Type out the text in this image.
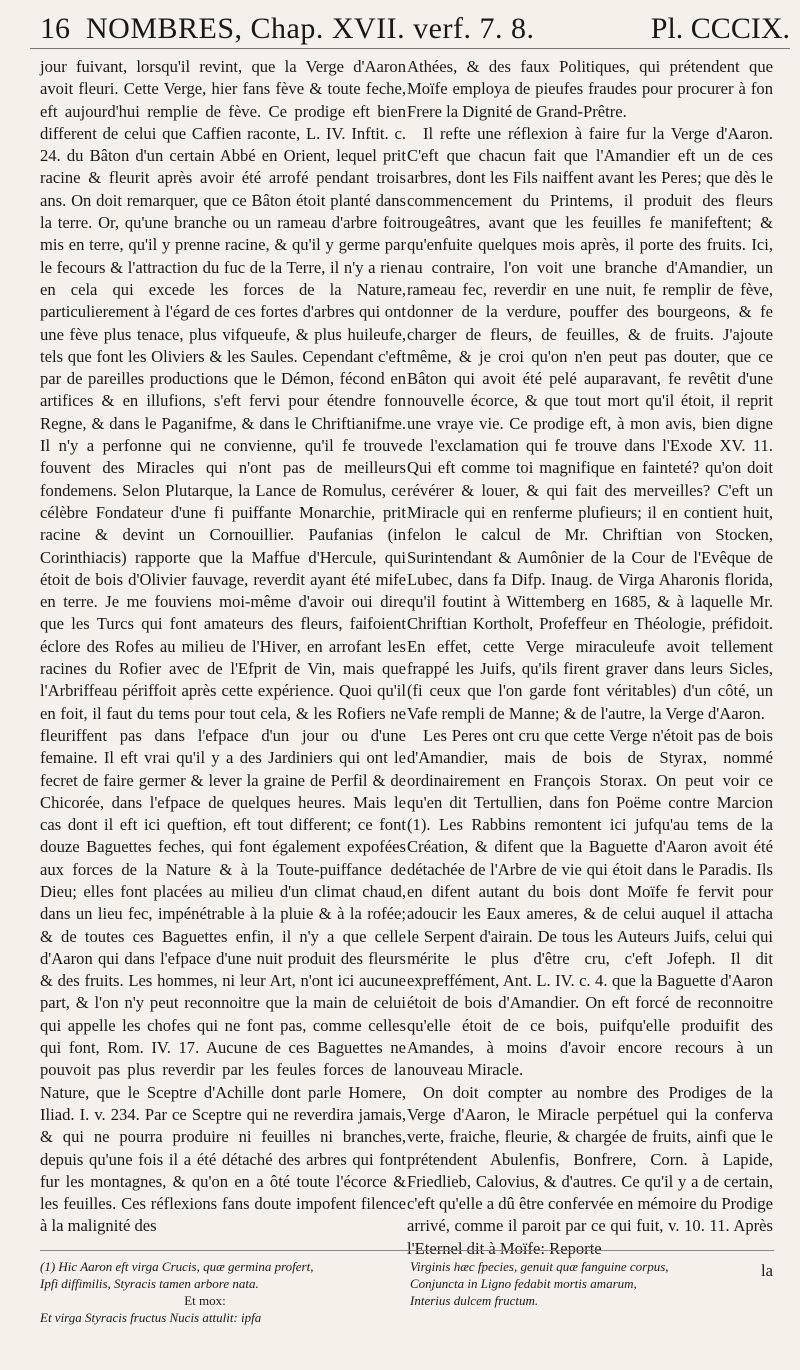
16 NOMBRES, Chap. XVII. verf. 7. 8.	Pl. CCCIX.

jour fuivant, lorsqu'il revint, que la Verge d'Aaron avoit fleuri. Cette Verge, hier fans fève & toute feche, eft aujourd'hui remplie de fève. Ce prodige eft bien different de celui que Caffien raconte, L. IV. Inftit. c. 24. du Bâton d'un certain Abbé en Orient, lequel prit racine & fleurit après avoir été arrofé pendant trois ans. On doit remarquer, que ce Bâton étoit planté dans la terre. Or, qu'une branche ou un rameau d'arbre foit mis en terre, qu'il y prenne racine, & qu'il y germe par le fecours & l'attraction du fuc de la Terre, il n'y a rien en cela qui excede les forces de la Nature, particulierement à l'égard de ces fortes d'arbres qui ont une fève plus tenace, plus vifqueufe, & plus huileufe, tels que font les Oliviers & les Saules. Cependant c'eft par de pareilles productions que le Démon, fécond en artifices & en illufions, s'eft fervi pour étendre fon Regne, & dans le Paganifme, & dans le Chriftianifme. Il n'y a perfonne qui ne convienne, qu'il fe trouve fouvent des Miracles qui n'ont pas de meilleurs fondemens. Selon Plutarque, la Lance de Romulus, ce célèbre Fondateur d'une fi puiffante Monarchie, prit racine & devint un Cornouillier. Paufanias (in Corinthiacis) rapporte que la Maffue d'Hercule, qui étoit de bois d'Olivier fauvage, reverdit ayant été mife en terre. Je me fouviens moi-même d'avoir oui dire que les Turcs qui font amateurs des fleurs, faifoient éclore des Rofes au milieu de l'Hiver, en arrofant les racines du Rofier avec de l'Efprit de Vin, mais que l'Arbriffeau périffoit après cette expérience. Quoi qu'il en foit, il faut du tems pour tout cela, & les Rofiers ne fleuriffent pas dans l'efpace d'un jour ou d'une femaine. Il eft vrai qu'il y a des Jardiniers qui ont le fecret de faire germer & lever la graine de Perfil & de Chicorée, dans l'efpace de quelques heures. Mais le cas dont il eft ici queftion, eft tout different; ce font douze Baguettes feches, qui font également expofées aux forces de la Nature & à la Toute-puiffance de Dieu; elles font placées au milieu d'un climat chaud, dans un lieu fec, impénétrable à la pluie & à la rofée; & de toutes ces Baguettes enfin, il n'y a que celle d'Aaron qui dans l'efpace d'une nuit produit des fleurs & des fruits. Les hommes, ni leur Art, n'ont ici aucune part, & l'on n'y peut reconnoitre que la main de celui qui appelle les chofes qui ne font pas, comme celles qui font, Rom. IV. 17. Aucune de ces Baguettes ne pouvoit pas plus reverdir par les feules forces de la Nature, que le Sceptre d'Achille dont parle Homere, Iliad. I. v. 234. Par ce Sceptre qui ne reverdira jamais, & qui ne pourra produire ni feuilles ni branches, depuis qu'une fois il a été détaché des arbres qui font fur les montagnes, & qu'on en a ôté toute l'écorce & les feuilles. Ces réflexions fans doute impofent filence à la malignité des

Athées, & des faux Politiques, qui prétendent que Moïfe employa de pieufes fraudes pour procurer à fon Frere la Dignité de Grand-Prêtre.

Il refte une réflexion à faire fur la Verge d'Aaron. C'eft que chacun fait que l'Amandier eft un de ces arbres, dont les Fils naiffent avant les Peres; que dès le commencement du Printems, il produit des fleurs rougeâtres, avant que les feuilles fe manifeftent; & qu'enfuite quelques mois après, il porte des fruits. Ici, au contraire, l'on voit une branche d'Amandier, un rameau fec, reverdir en une nuit, fe remplir de fève, donner de la verdure, pouffer des bourgeons, & fe charger de fleurs, de feuilles, & de fruits. J'ajoute même, & je croi qu'on n'en peut pas douter, que ce Bâton qui avoit été pelé auparavant, fe revêtit d'une nouvelle écorce, & que tout mort qu'il étoit, il reprit une vraye vie. Ce prodige eft, à mon avis, bien digne de l'exclamation qui fe trouve dans l'Exode XV. 11. Qui eft comme toi magnifique en fainteté? qu'on doit révérer & louer, & qui fait des merveilles? C'eft un Miracle qui en renferme plufieurs; il en contient huit, felon le calcul de Mr. Chriftian von Stocken, Surintendant & Aumônier de la Cour de l'Evêque de Lubec, dans fa Difp. Inaug. de Virga Aharonis florida, qu'il foutint à Wittemberg en 1685, & à laquelle Mr. Chriftian Kortholt, Profeffeur en Théologie, préfidoit. En effet, cette Verge miraculeufe avoit tellement frappé les Juifs, qu'ils firent graver dans leurs Sicles, (fi ceux que l'on garde font véritables) d'un côté, un Vafe rempli de Manne; & de l'autre, la Verge d'Aaron.

Les Peres ont cru que cette Verge n'étoit pas de bois d'Amandier, mais de bois de Styrax, nommé ordinairement en François Storax. On peut voir ce qu'en dit Tertullien, dans fon Poëme contre Marcion (1). Les Rabbins remontent ici jufqu'au tems de la Création, & difent que la Baguette d'Aaron avoit été détachée de l'Arbre de vie qui étoit dans le Paradis. Ils en difent autant du bois dont Moïfe fe fervit pour adoucir les Eaux ameres, & de celui auquel il attacha le Serpent d'airain. De tous les Auteurs Juifs, celui qui mérite le plus d'être cru, c'eft Jofeph. Il dit expreffément, Ant. L. IV. c. 4. que la Baguette d'Aaron étoit de bois d'Amandier. On eft forcé de reconnoitre qu'elle étoit de ce bois, puifqu'elle produifit des Amandes, à moins d'avoir encore recours à un nouveau Miracle.

On doit compter au nombre des Prodiges de la Verge d'Aaron, le Miracle perpétuel qui la conferva verte, fraiche, fleurie, & chargée de fruits, ainfi que le prétendent Abulenfis, Bonfrere, Corn. à Lapide, Friedlieb, Calovius, & d'autres. Ce qu'il y a de certain, c'eft qu'elle a dû être confervée en mémoire du Prodige arrivé, comme il paroit par ce qui fuit, v. 10. 11. Après l'Eternel dit à Moïfe: Reporte

la

(1) Hic Aaron eft virga Crucis, quæ germina profert,
Ipfi diffimilis, Styracis tamen arbore nata.
Et mox:
Et virga Styracis fructus Nucis attulit: ipfa
Virginis hæc fpecies, genuit quæ fanguine corpus,
Conjuncta in Ligno fedabit mortis amarum,
Interius dulcem fructum.
